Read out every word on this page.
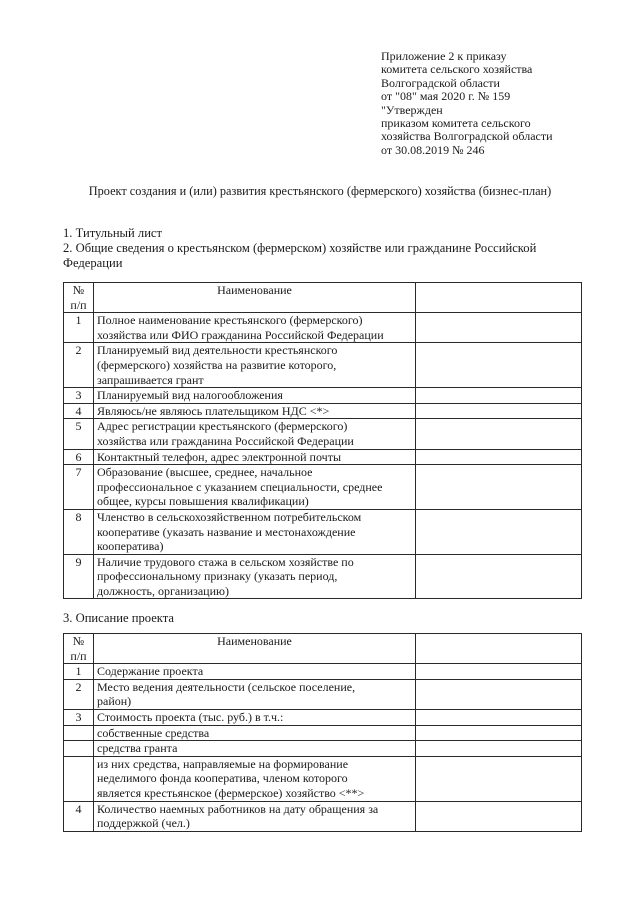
Приложение 2 к приказу
комитета сельского хозяйства
Волгоградской области
от "08" мая 2020 г. № 159
"Утвержден
приказом комитета сельского
хозяйства Волгоградской области
от 30.08.2019 № 246
Проект создания и (или) развития крестьянского (фермерского) хозяйства (бизнес-план)
1. Титульный лист
2. Общие сведения о крестьянском (фермерском) хозяйстве или гражданине Российской
Федерации
№
п/п	Наименование	

1	Полное наименование крестьянского (фермерского)
хозяйства или ФИО гражданина Российской Федерации	

2	Планируемый вид деятельности крестьянского
(фермерского) хозяйства на развитие которого,
запрашивается грант	

3	Планируемый вид налогообложения	

4	Являюсь/не являюсь плательщиком НДС <*>	

5	Адрес регистрации крестьянского (фермерского)
хозяйства или гражданина Российской Федерации	

6	Контактный телефон, адрес электронной почты	

7	Образование (высшее, среднее, начальное
профессиональное с указанием специальности, среднее
общее, курсы повышения квалификации)	

8	Членство в сельскохозяйственном потребительском
кооперативе (указать название и местонахождение
кооператива)	

9	Наличие трудового стажа в сельском хозяйстве по
профессиональному признаку (указать период,
должность, организацию)	

3. Описание проекта
№
п/п	Наименование	

1	Содержание проекта	

2	Место ведения деятельности (сельское поселение,
район)	

3	Стоимость проекта (тыс. руб.) в т.ч.:	

	собственные средства	

	средства гранта	

	из них средства, направляемые на формирование
неделимого фонда кооператива, членом которого
является крестьянское (фермерское) хозяйство <**>	

4	Количество наемных работников на дату обращения за
поддержкой (чел.)	
